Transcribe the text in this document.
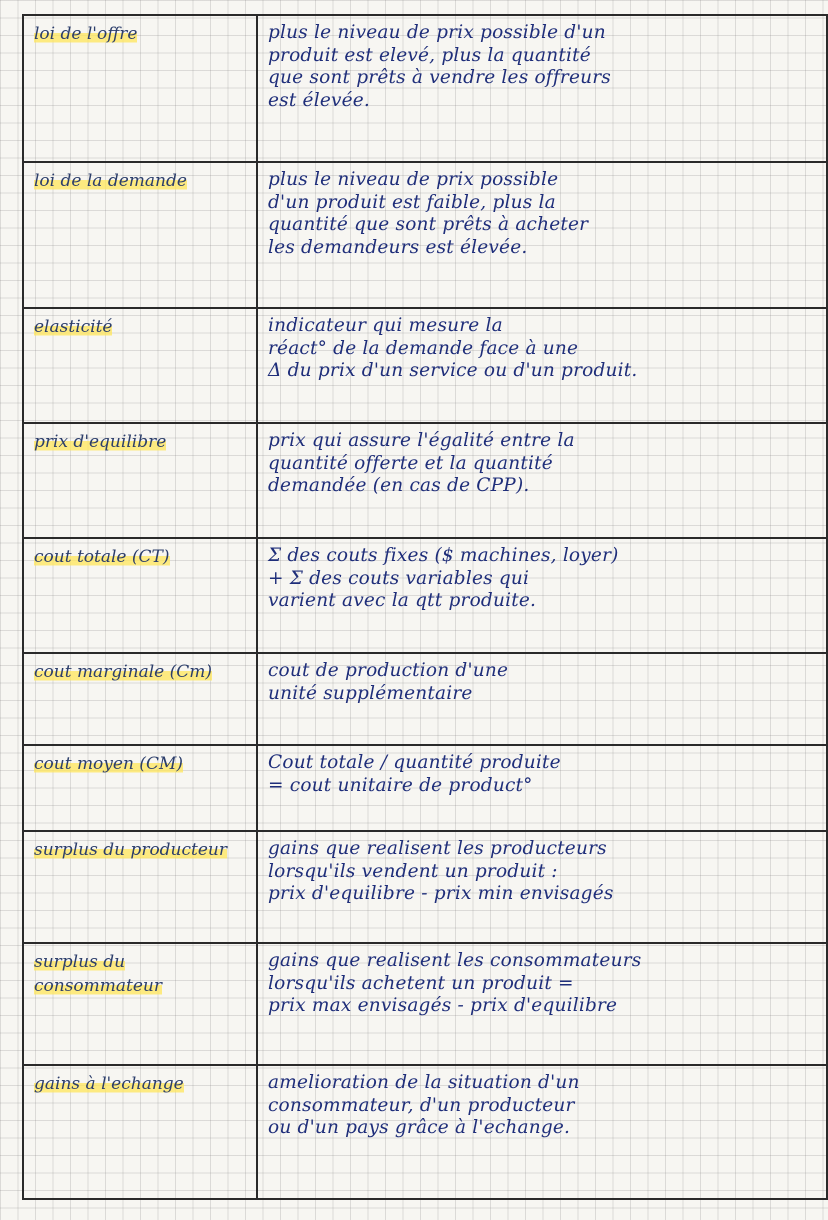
loi de l'offre	plus le niveau de prix possible d'un
produit est elevé, plus la quantité
que sont prêts à vendre les offreurs
est élevée.

loi de la demande	plus le niveau de prix possible
d'un produit est faible, plus la
quantité que sont prêts à acheter
les demandeurs est élevée.

elasticité	indicateur qui mesure la
réact° de la demande face à une
Δ du prix d'un service ou d'un produit.

prix d'equilibre	prix qui assure l'égalité entre la
quantité offerte et la quantité
demandée (en cas de CPP).

cout totale (CT)	Σ des couts fixes ($ machines, loyer)
+ Σ des couts variables qui
varient avec la qtt produite.

cout marginale (Cm)	cout de production d'une
unité supplémentaire

cout moyen (CM)	Cout totale / quantité produite
= cout unitaire de product°

surplus du producteur	gains que realisent les producteurs
lorsqu'ils vendent un produit :
prix d'equilibre - prix min envisagés

surplus du consommateur	gains que realisent les consommateurs
lorsqu'ils achetent un produit =
prix max envisagés - prix d'equilibre

gains à l'echange	amelioration de la situation d'un
consommateur, d'un producteur
ou d'un pays grâce à l'echange.
